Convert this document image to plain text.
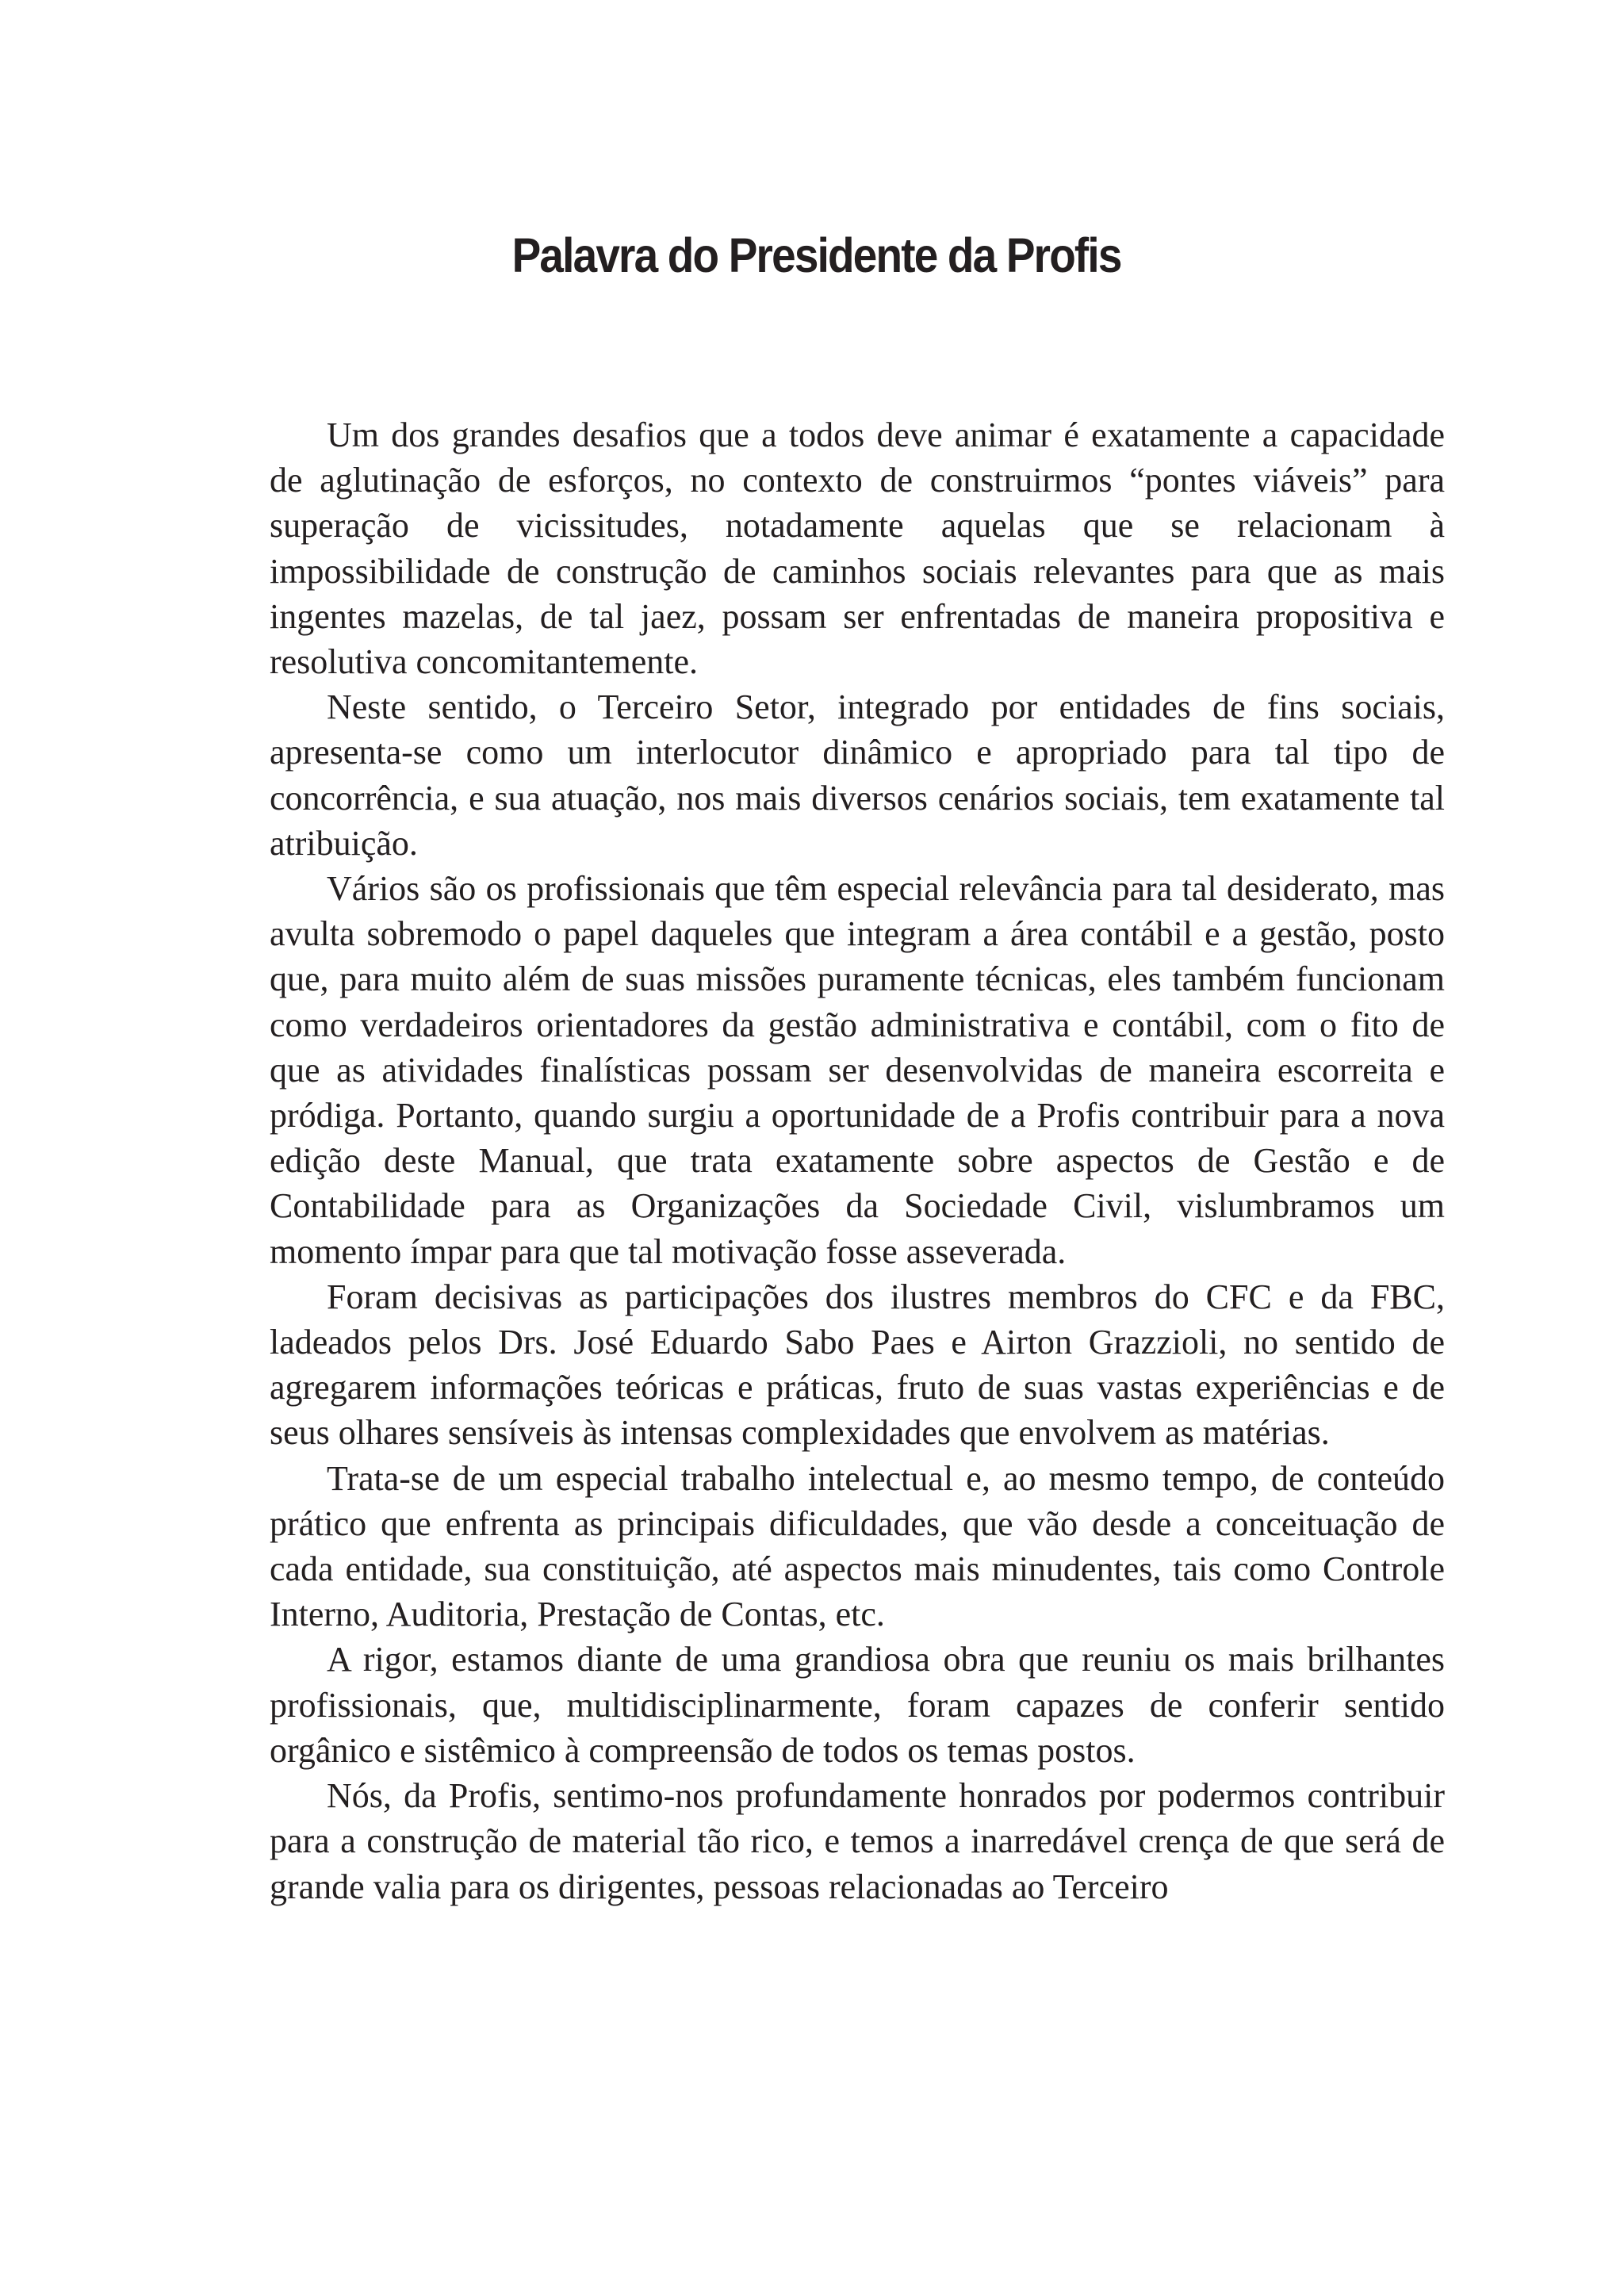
Palavra do Presidente da Profis

Um dos grandes desafios que a todos deve animar é exatamente a capacidade de aglutinação de esforços, no contexto de construirmos “pontes viáveis” para superação de vicissitudes, notadamente aquelas que se relacionam à impossibilidade de construção de caminhos sociais relevantes para que as mais ingentes mazelas, de tal jaez, possam ser enfrentadas de maneira propositiva e resolutiva concomitantemente.

Neste sentido, o Terceiro Setor, integrado por entidades de fins sociais, apresenta-se como um interlocutor dinâmico e apropriado para tal tipo de concorrência, e sua atuação, nos mais diversos cenários sociais, tem exatamente tal atribuição.

Vários são os profissionais que têm especial relevância para tal desiderato, mas avulta sobremodo o papel daqueles que integram a área contábil e a gestão, posto que, para muito além de suas missões puramente técnicas, eles também funcionam como verdadeiros orientadores da gestão administrativa e contábil, com o fito de que as atividades finalísticas possam ser desenvolvidas de maneira escorreita e pródiga. Portanto, quando surgiu a oportunidade de a Profis contribuir para a nova edição deste Manual, que trata exatamente sobre aspectos de Gestão e de Contabilidade para as Organizações da Sociedade Civil, vislumbramos um momento ímpar para que tal motivação fosse asseverada.

Foram decisivas as participações dos ilustres membros do CFC e da FBC, ladeados pelos Drs. José Eduardo Sabo Paes e Airton Grazzioli, no sentido de agregarem informações teóricas e práticas, fruto de suas vastas experiências e de seus olhares sensíveis às intensas complexidades que envolvem as matérias.

Trata-se de um especial trabalho intelectual e, ao mesmo tempo, de conteúdo prático que enfrenta as principais dificuldades, que vão desde a conceituação de cada entidade, sua constituição, até aspectos mais minudentes, tais como Controle Interno, Auditoria, Prestação de Contas, etc.

A rigor, estamos diante de uma grandiosa obra que reuniu os mais brilhantes profissionais, que, multidisciplinarmente, foram capazes de conferir sentido orgânico e sistêmico à compreensão de todos os temas postos.

Nós, da Profis, sentimo-nos profundamente honrados por podermos contribuir para a construção de material tão rico, e temos a inarredável crença de que será de grande valia para os dirigentes, pessoas relacionadas ao Terceiro
